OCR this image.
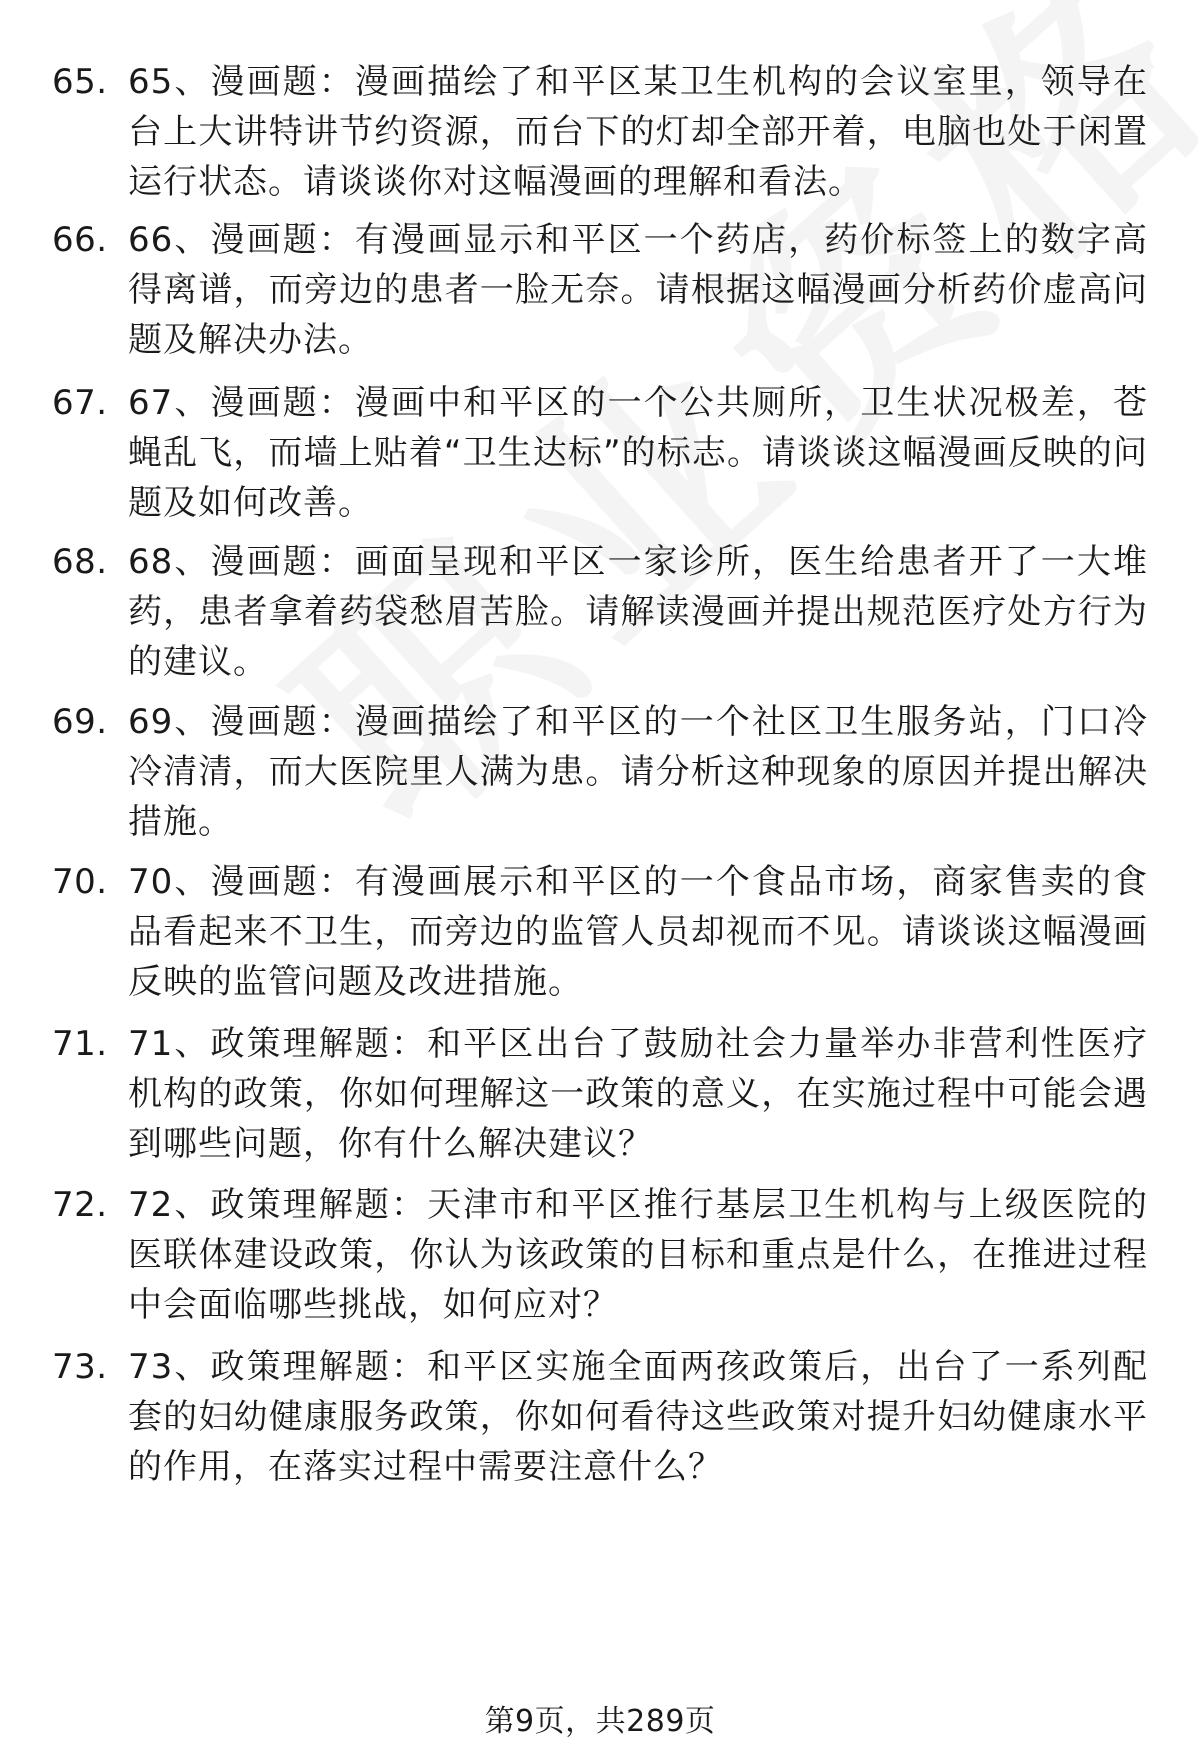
65. 65、漫画题：漫画描绘了和平区某卫生机构的会议室里，领导在台上大讲特讲节约资源，而台下的灯却全部开着，电脑也处于闲置运行状态。请谈谈你对这幅漫画的理解和看法。
66. 66、漫画题：有漫画显示和平区一个药店，药价标签上的数字高得离谱，而旁边的患者一脸无奈。请根据这幅漫画分析药价虚高问题及解决办法。
67. 67、漫画题：漫画中和平区的一个公共厕所，卫生状况极差，苍蝇乱飞，而墙上贴着“卫生达标”的标志。请谈谈这幅漫画反映的问题及如何改善。
68. 68、漫画题：画面呈现和平区一家诊所，医生给患者开了一大堆药，患者拿着药袋愁眉苦脸。请解读漫画并提出规范医疗处方行为的建议。
69. 69、漫画题：漫画描绘了和平区的一个社区卫生服务站，门口冷冷清清，而大医院里人满为患。请分析这种现象的原因并提出解决措施。
70. 70、漫画题：有漫画展示和平区的一个食品市场，商家售卖的食品看起来不卫生，而旁边的监管人员却视而不见。请谈谈这幅漫画反映的监管问题及改进措施。
71. 71、政策理解题：和平区出台了鼓励社会力量举办非营利性医疗机构的政策，你如何理解这一政策的意义，在实施过程中可能会遇到哪些问题，你有什么解决建议？
72. 72、政策理解题：天津市和平区推行基层卫生机构与上级医院的医联体建设政策，你认为该政策的目标和重点是什么，在推进过程中会面临哪些挑战，如何应对？
73. 73、政策理解题：和平区实施全面两孩政策后，出台了一系列配套的妇幼健康服务政策，你如何看待这些政策对提升妇幼健康水平的作用，在落实过程中需要注意什么？
第9页，共289页
